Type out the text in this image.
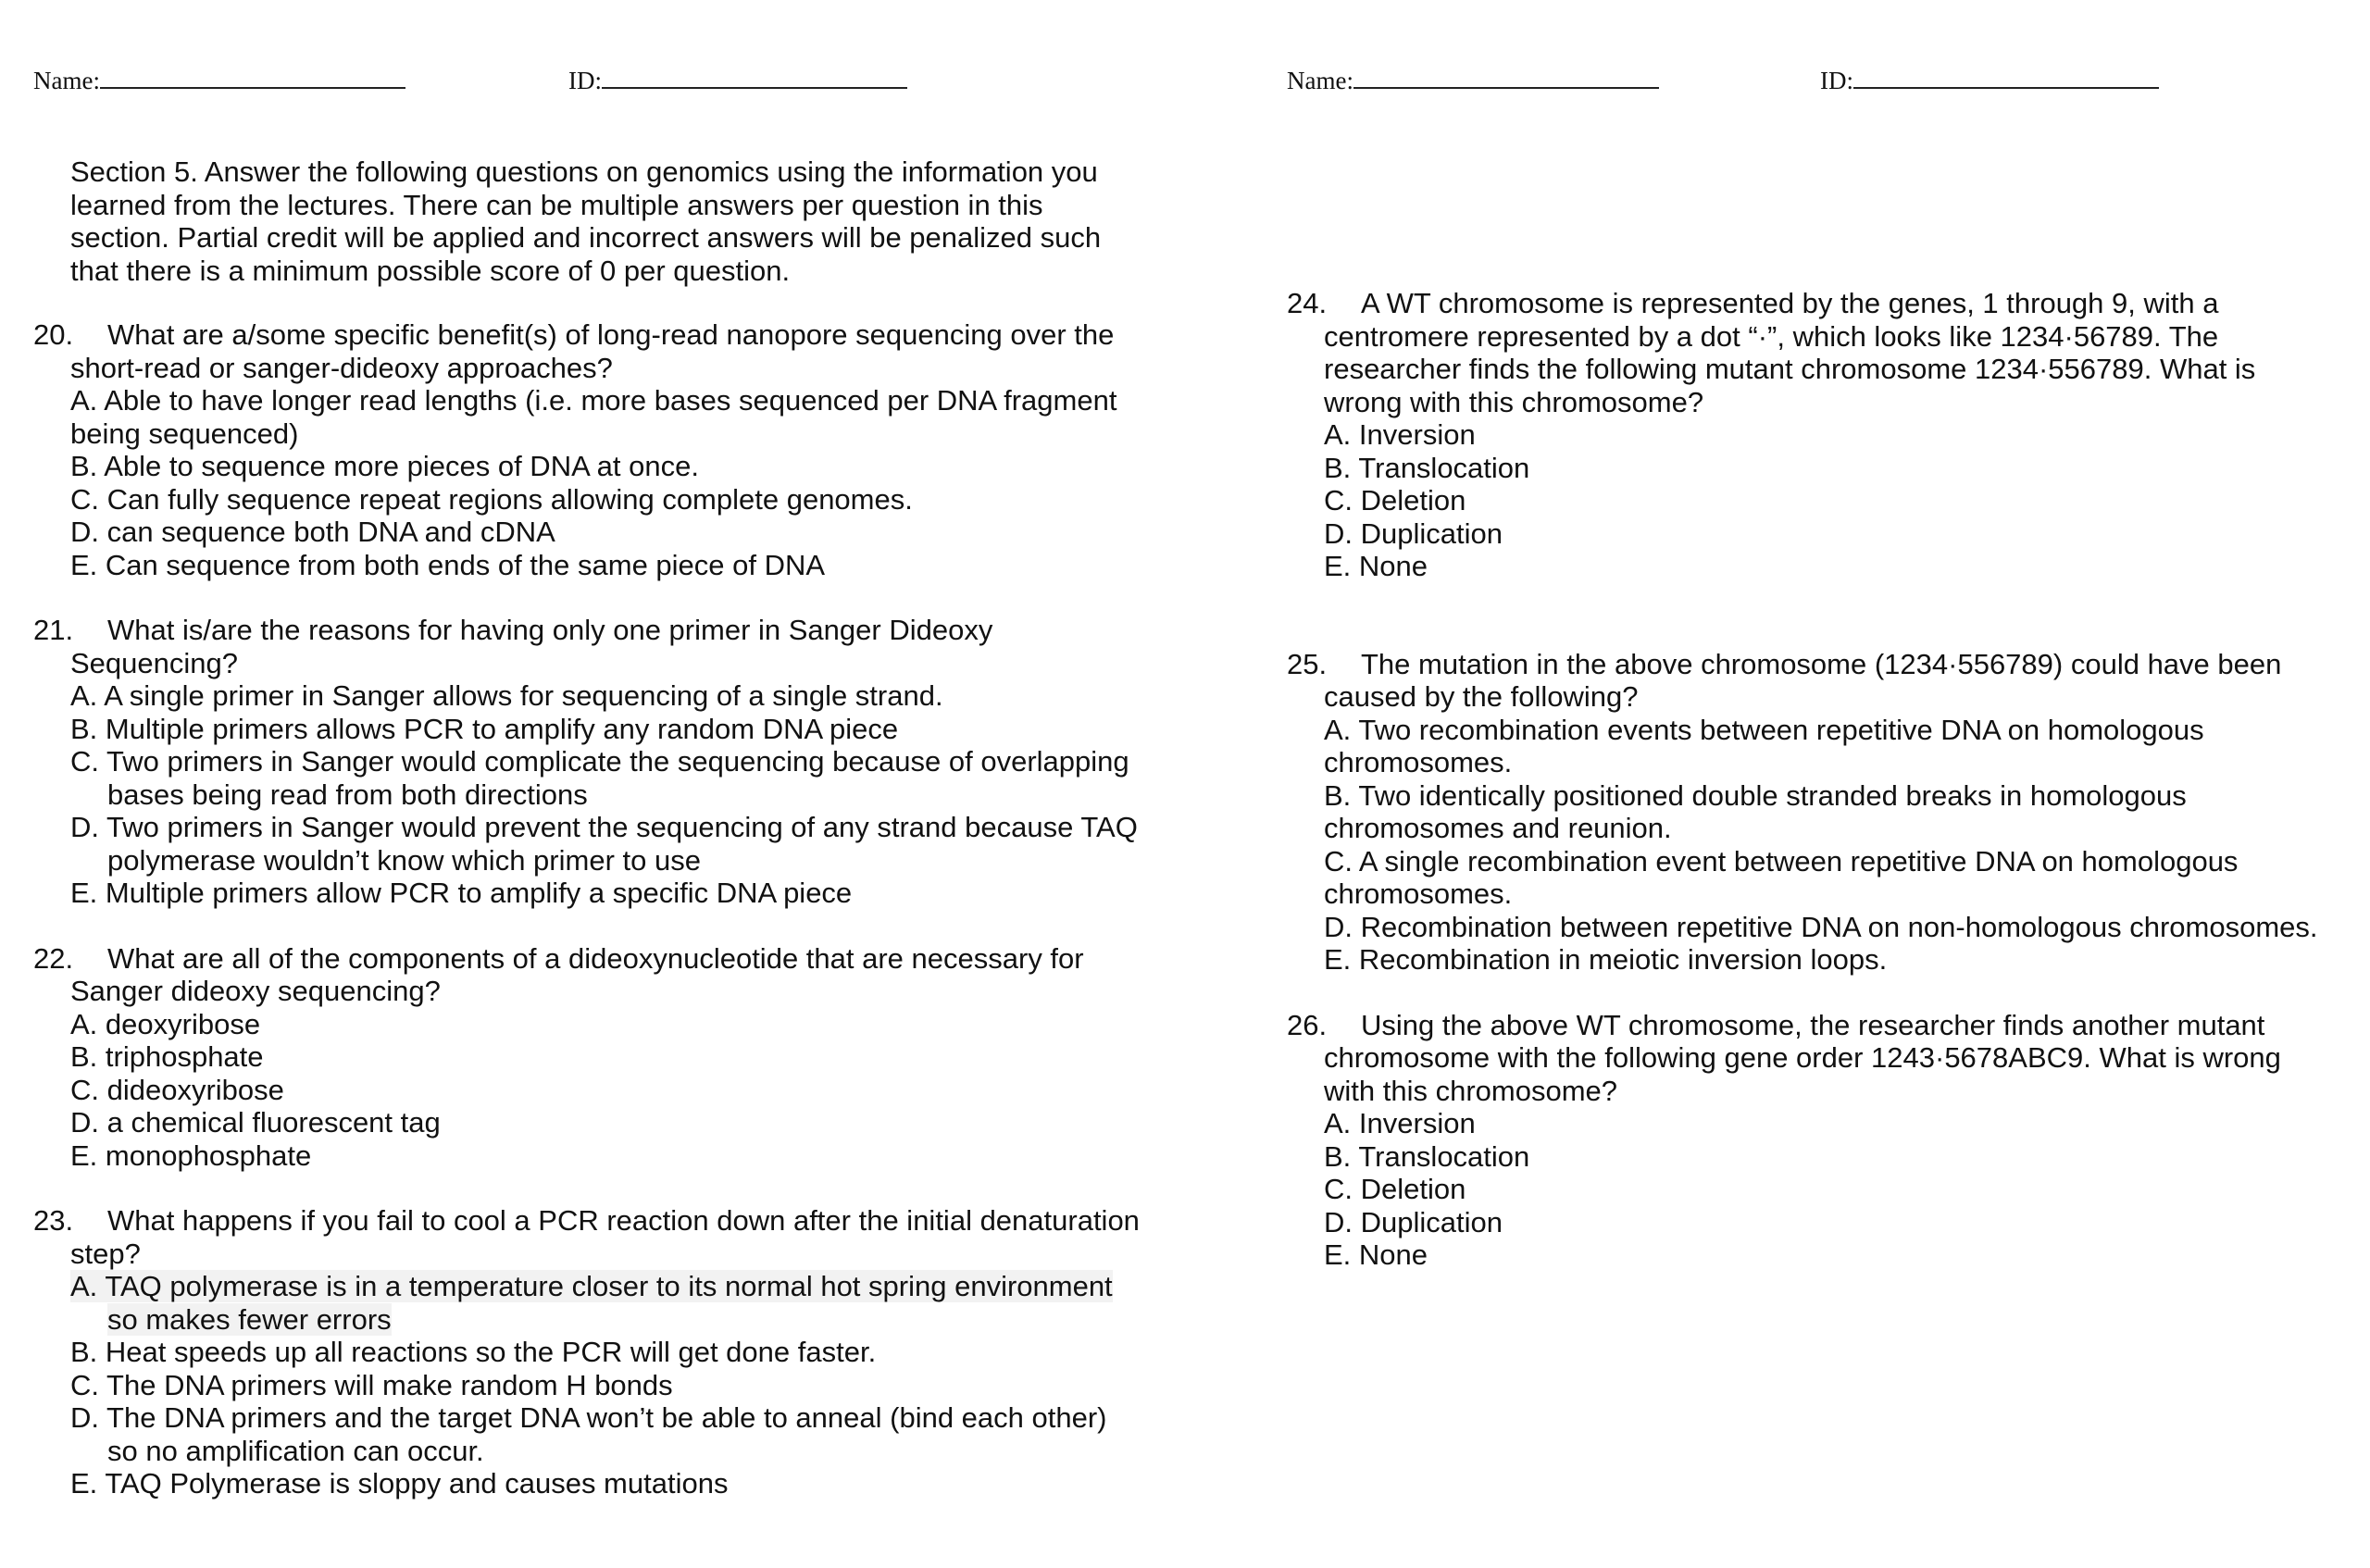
Name:	ID:

Section 5. Answer the following questions on genomics using the information you learned from the lectures. There can be multiple answers per question in this section. Partial credit will be applied and incorrect answers will be penalized such that there is a minimum possible score of 0 per question.

20. What are a/some specific benefit(s) of long-read nanopore sequencing over the short-read or sanger-dideoxy approaches?
A. Able to have longer read lengths (i.e. more bases sequenced per DNA fragment being sequenced)
B. Able to sequence more pieces of DNA at once.
C. Can fully sequence repeat regions allowing complete genomes.
D. can sequence both DNA and cDNA
E. Can sequence from both ends of the same piece of DNA
21. What is/are the reasons for having only one primer in Sanger Dideoxy Sequencing?
A. A single primer in Sanger allows for sequencing of a single strand.
B. Multiple primers allows PCR to amplify any random DNA piece
C. Two primers in Sanger would complicate the sequencing because of overlapping bases being read from both directions
D. Two primers in Sanger would prevent the sequencing of any strand because TAQ polymerase wouldn’t know which primer to use
E. Multiple primers allow PCR to amplify a specific DNA piece
22. What are all of the components of a dideoxynucleotide that are necessary for Sanger dideoxy sequencing?
A. deoxyribose
B. triphosphate
C. dideoxyribose
D. a chemical fluorescent tag
E. monophosphate
23. What happens if you fail to cool a PCR reaction down after the initial denaturation step?
A. TAQ polymerase is in a temperature closer to its normal hot spring environment so makes fewer errors
B. Heat speeds up all reactions so the PCR will get done faster.
C. The DNA primers will make random H bonds
D. The DNA primers and the target DNA won’t be able to anneal (bind each other) so no amplification can occur.
E. TAQ Polymerase is sloppy and causes mutations
Name:	ID:
24. A WT chromosome is represented by the genes, 1 through 9, with a centromere represented by a dot “·”, which looks like 1234·56789. The researcher finds the following mutant chromosome 1234·556789. What is wrong with this chromosome?
A. Inversion
B. Translocation
C. Deletion
D. Duplication
E. None
25. The mutation in the above chromosome (1234·556789) could have been caused by the following?
A. Two recombination events between repetitive DNA on homologous chromosomes.
B. Two identically positioned double stranded breaks in homologous chromosomes and reunion.
C. A single recombination event between repetitive DNA on homologous chromosomes.
D. Recombination between repetitive DNA on non-homologous chromosomes.
E. Recombination in meiotic inversion loops.
26. Using the above WT chromosome, the researcher finds another mutant chromosome with the following gene order 1243·5678ABC9. What is wrong with this chromosome?
A. Inversion
B. Translocation
C. Deletion
D. Duplication
E. None
